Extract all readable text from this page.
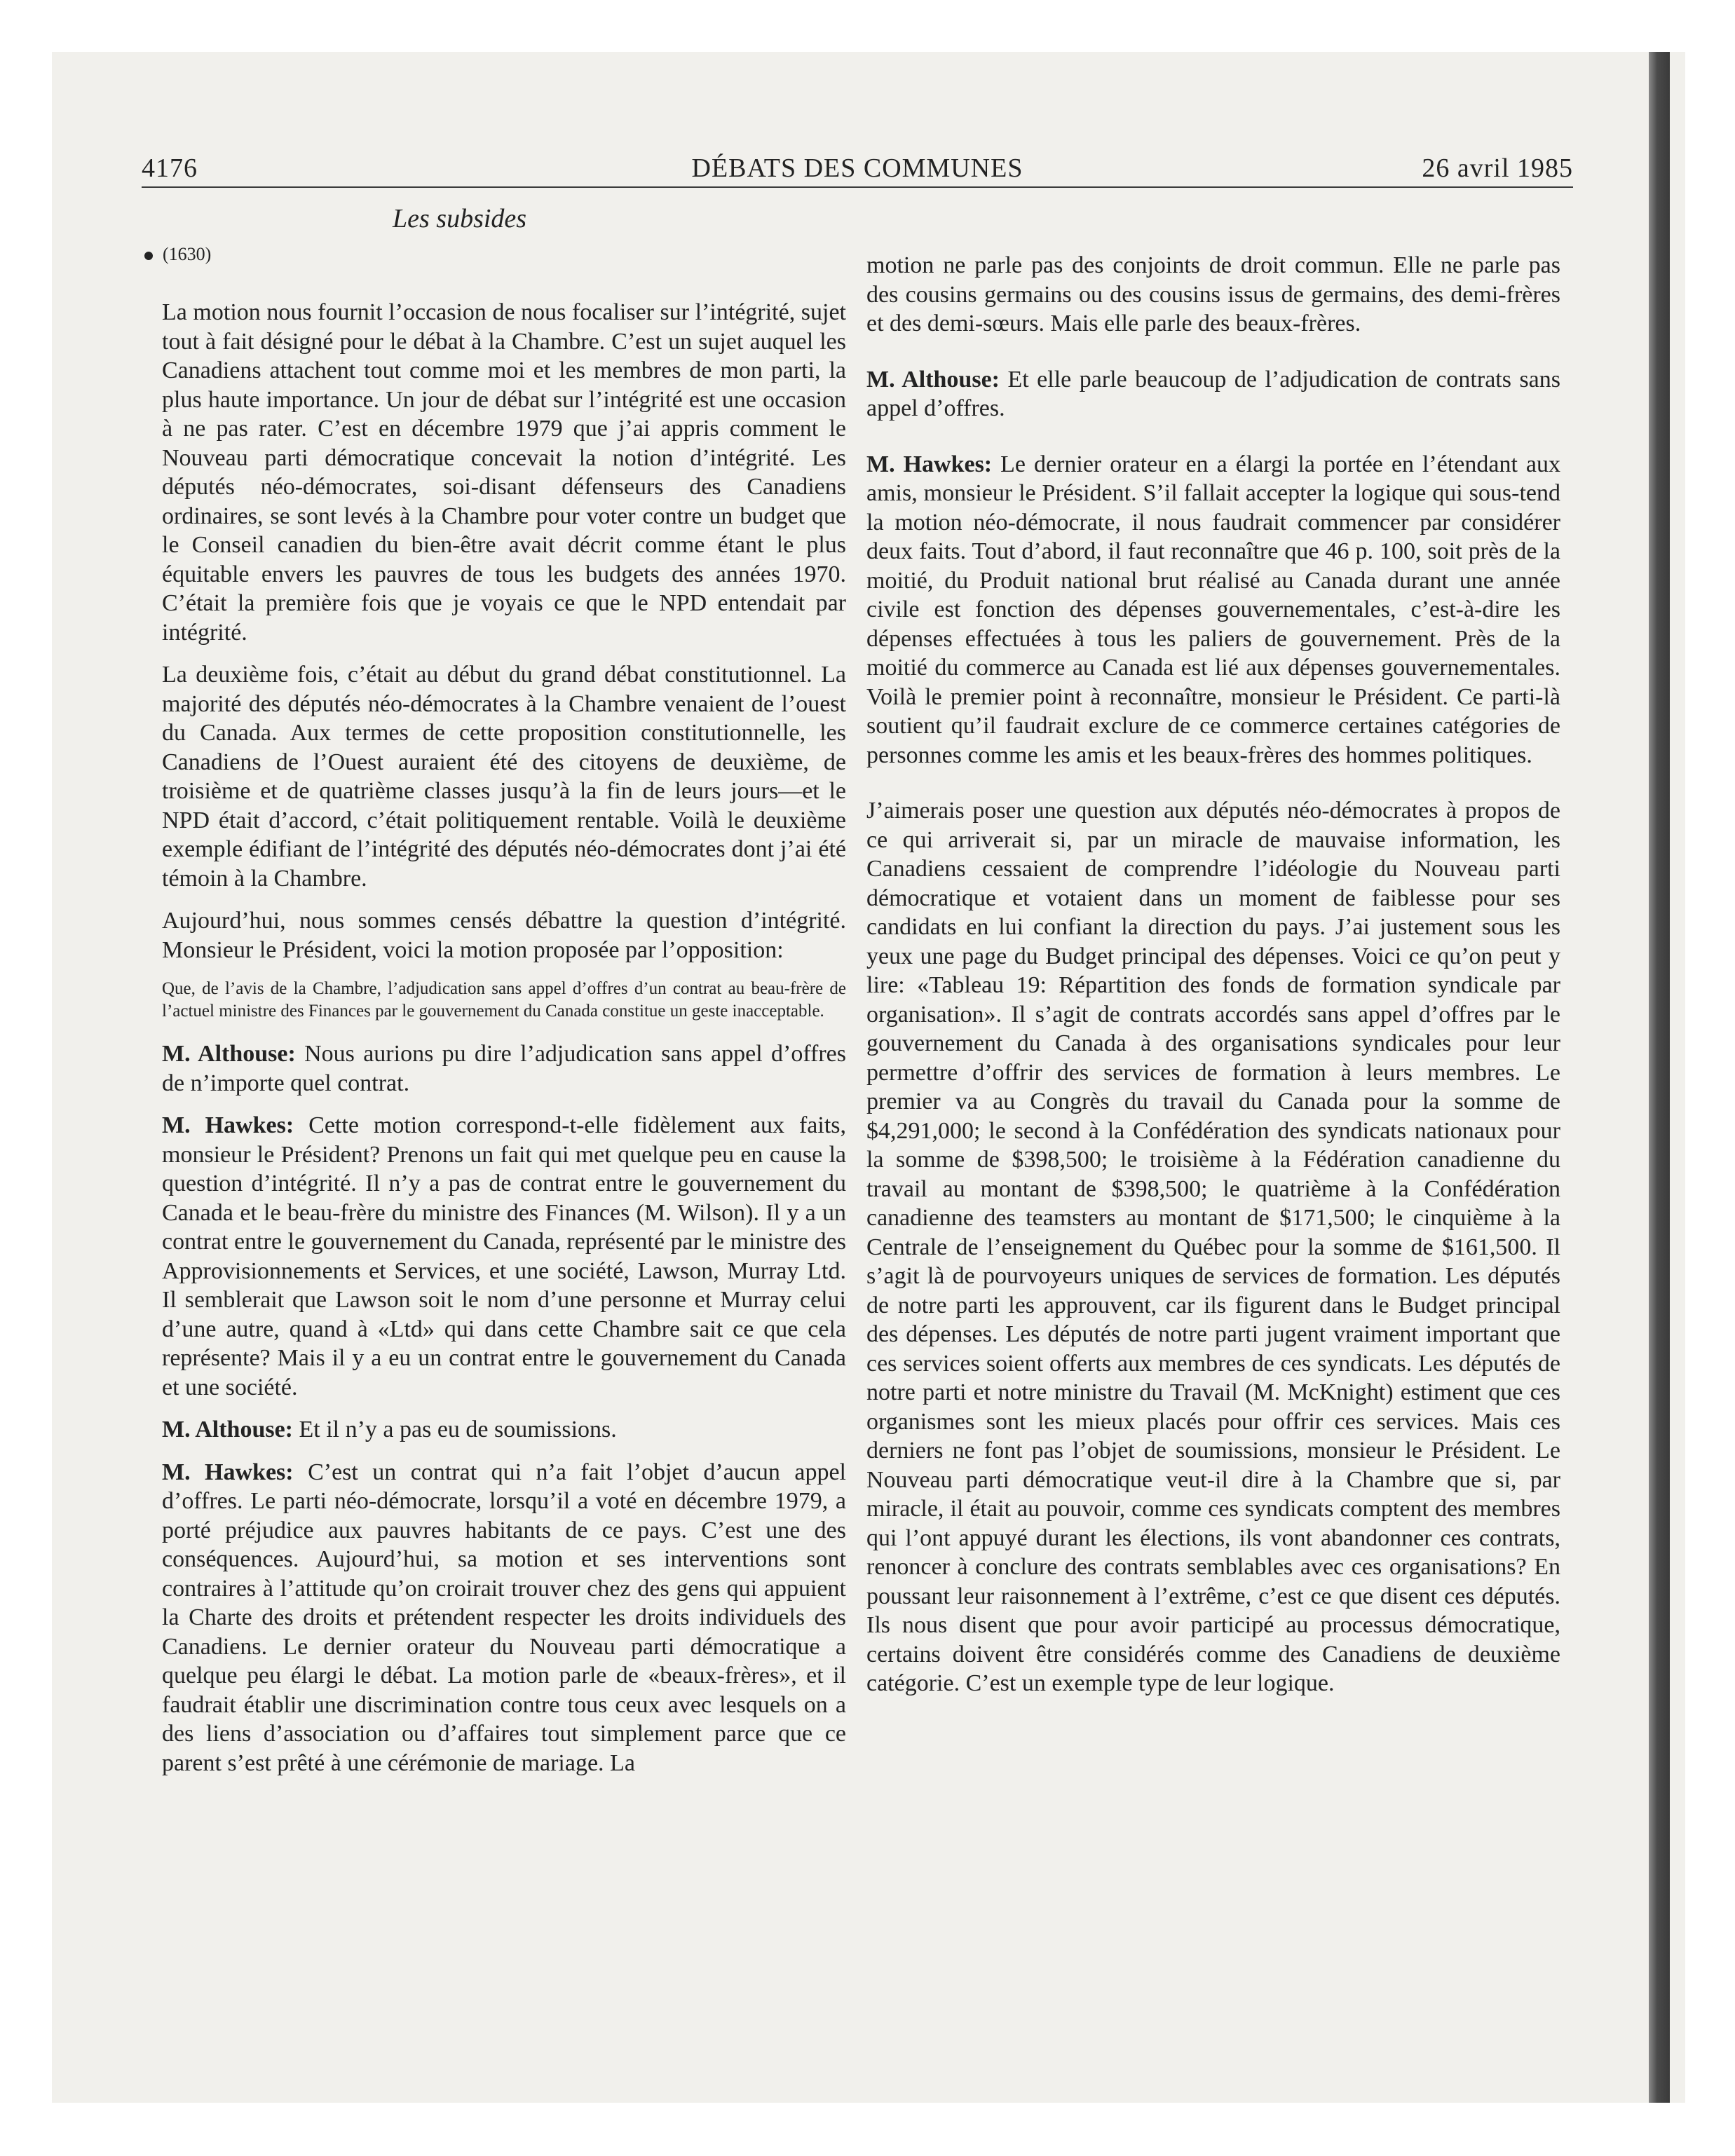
4176	DÉBATS DES COMMUNES	26 avril 1985
Les subsides
(1630)

La motion nous fournit l’occasion de nous focaliser sur l’intégrité, sujet tout à fait désigné pour le débat à la Chambre. C’est un sujet auquel les Canadiens attachent tout comme moi et les membres de mon parti, la plus haute importance. Un jour de débat sur l’intégrité est une occasion à ne pas rater. C’est en décembre 1979 que j’ai appris comment le Nouveau parti démocratique concevait la notion d’intégrité. Les députés néo-démocrates, soi-disant défenseurs des Canadiens ordinaires, se sont levés à la Chambre pour voter contre un budget que le Conseil canadien du bien-être avait décrit comme étant le plus équitable envers les pauvres de tous les budgets des années 1970. C’était la première fois que je voyais ce que le NPD entendait par intégrité.

La deuxième fois, c’était au début du grand débat constitutionnel. La majorité des députés néo-démocrates à la Chambre venaient de l’ouest du Canada. Aux termes de cette proposition constitutionnelle, les Canadiens de l’Ouest auraient été des citoyens de deuxième, de troisième et de quatrième classes jusqu’à la fin de leurs jours—et le NPD était d’accord, c’était politiquement rentable. Voilà le deuxième exemple édifiant de l’intégrité des députés néo-démocrates dont j’ai été témoin à la Chambre.

Aujourd’hui, nous sommes censés débattre la question d’intégrité. Monsieur le Président, voici la motion proposée par l’opposition:

Que, de l’avis de la Chambre, l’adjudication sans appel d’offres d’un contrat au beau-frère de l’actuel ministre des Finances par le gouvernement du Canada constitue un geste inacceptable.

M. Althouse: Nous aurions pu dire l’adjudication sans appel d’offres de n’importe quel contrat.

M. Hawkes: Cette motion correspond-t-elle fidèlement aux faits, monsieur le Président? Prenons un fait qui met quelque peu en cause la question d’intégrité. Il n’y a pas de contrat entre le gouvernement du Canada et le beau-frère du ministre des Finances (M. Wilson). Il y a un contrat entre le gouvernement du Canada, représenté par le ministre des Approvisionnements et Services, et une société, Lawson, Murray Ltd. Il semblerait que Lawson soit le nom d’une personne et Murray celui d’une autre, quand à «Ltd» qui dans cette Chambre sait ce que cela représente? Mais il y a eu un contrat entre le gouvernement du Canada et une société.

M. Althouse: Et il n’y a pas eu de soumissions.

M. Hawkes: C’est un contrat qui n’a fait l’objet d’aucun appel d’offres. Le parti néo-démocrate, lorsqu’il a voté en décembre 1979, a porté préjudice aux pauvres habitants de ce pays. C’est une des conséquences. Aujourd’hui, sa motion et ses interventions sont contraires à l’attitude qu’on croirait trouver chez des gens qui appuient la Charte des droits et prétendent respecter les droits individuels des Canadiens. Le dernier orateur du Nouveau parti démocratique a quelque peu élargi le débat. La motion parle de «beaux-frères», et il faudrait établir une discrimination contre tous ceux avec lesquels on a des liens d’association ou d’affaires tout simplement parce que ce parent s’est prêté à une cérémonie de mariage. La

motion ne parle pas des conjoints de droit commun. Elle ne parle pas des cousins germains ou des cousins issus de germains, des demi-frères et des demi-sœurs. Mais elle parle des beaux-frères.

M. Althouse: Et elle parle beaucoup de l’adjudication de contrats sans appel d’offres.

M. Hawkes: Le dernier orateur en a élargi la portée en l’étendant aux amis, monsieur le Président. S’il fallait accepter la logique qui sous-tend la motion néo-démocrate, il nous faudrait commencer par considérer deux faits. Tout d’abord, il faut reconnaître que 46 p. 100, soit près de la moitié, du Produit national brut réalisé au Canada durant une année civile est fonction des dépenses gouvernementales, c’est-à-dire les dépenses effectuées à tous les paliers de gouvernement. Près de la moitié du commerce au Canada est lié aux dépenses gouvernementales. Voilà le premier point à reconnaître, monsieur le Président. Ce parti-là soutient qu’il faudrait exclure de ce commerce certaines catégories de personnes comme les amis et les beaux-frères des hommes politiques.

J’aimerais poser une question aux députés néo-démocrates à propos de ce qui arriverait si, par un miracle de mauvaise information, les Canadiens cessaient de comprendre l’idéologie du Nouveau parti démocratique et votaient dans un moment de faiblesse pour ses candidats en lui confiant la direction du pays. J’ai justement sous les yeux une page du Budget principal des dépenses. Voici ce qu’on peut y lire: «Tableau 19: Répartition des fonds de formation syndicale par organisation». Il s’agit de contrats accordés sans appel d’offres par le gouvernement du Canada à des organisations syndicales pour leur permettre d’offrir des services de formation à leurs membres. Le premier va au Congrès du travail du Canada pour la somme de $4,291,000; le second à la Confédération des syndicats nationaux pour la somme de $398,500; le troisième à la Fédération canadienne du travail au montant de $398,500; le quatrième à la Confédération canadienne des teamsters au montant de $171,500; le cinquième à la Centrale de l’enseignement du Québec pour la somme de $161,500. Il s’agit là de pourvoyeurs uniques de services de formation. Les députés de notre parti les approuvent, car ils figurent dans le Budget principal des dépenses. Les députés de notre parti jugent vraiment important que ces services soient offerts aux membres de ces syndicats. Les députés de notre parti et notre ministre du Travail (M. McKnight) estiment que ces organismes sont les mieux placés pour offrir ces services. Mais ces derniers ne font pas l’objet de soumissions, monsieur le Président. Le Nouveau parti démocratique veut-il dire à la Chambre que si, par miracle, il était au pouvoir, comme ces syndicats comptent des membres qui l’ont appuyé durant les élections, ils vont abandonner ces contrats, renoncer à conclure des contrats semblables avec ces organisations? En poussant leur raisonnement à l’extrême, c’est ce que disent ces députés. Ils nous disent que pour avoir participé au processus démocratique, certains doivent être considérés comme des Canadiens de deuxième catégorie. C’est un exemple type de leur logique.
